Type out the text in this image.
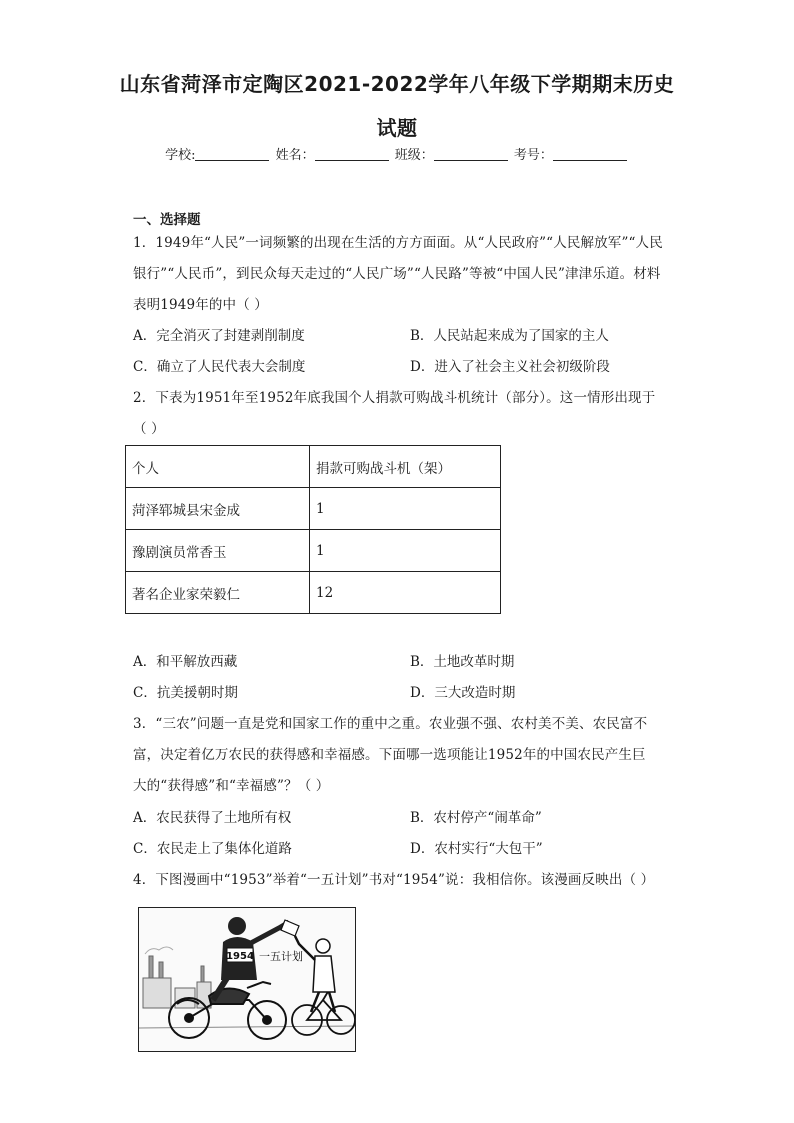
山东省菏泽市定陶区2021-2022学年八年级下学期期末历史
试题
学校:	姓名：	班级：	考号：
一、选择题
1．1949年“人民”一词频繁的出现在生活的方方面面。从“人民政府”“人民解放军”“人民
银行”“人民币”，到民众每天走过的“人民广场”“人民路”等被“中国人民”津津乐道。材料
表明1949年的中（ ）
A．完全消灭了封建剥削制度	B．人民站起来成为了国家的主人
C．确立了人民代表大会制度	D．进入了社会主义社会初级阶段
2．下表为1951年至1952年底我国个人捐款可购战斗机统计（部分）。这一情形出现于
（ ）
个人	捐款可购战斗机（架）
菏泽郓城县宋金成	1
豫剧演员常香玉	1
著名企业家荣毅仁	12
A．和平解放西藏	B．土地改革时期
C．抗美援朝时期	D．三大改造时期
3．“三农”问题一直是党和国家工作的重中之重。农业强不强、农村美不美、农民富不
富，决定着亿万农民的获得感和幸福感。下面哪一选项能让1952年的中国农民产生巨
大的“获得感”和“幸福感”？（ ）
A．农民获得了土地所有权	B．农村停产“闹革命”
C．农民走上了集体化道路	D．农村实行“大包干”
4．下图漫画中“1953”举着“一五计划”书对“1954”说：我相信你。该漫画反映出（ ）
1954 一五计划
